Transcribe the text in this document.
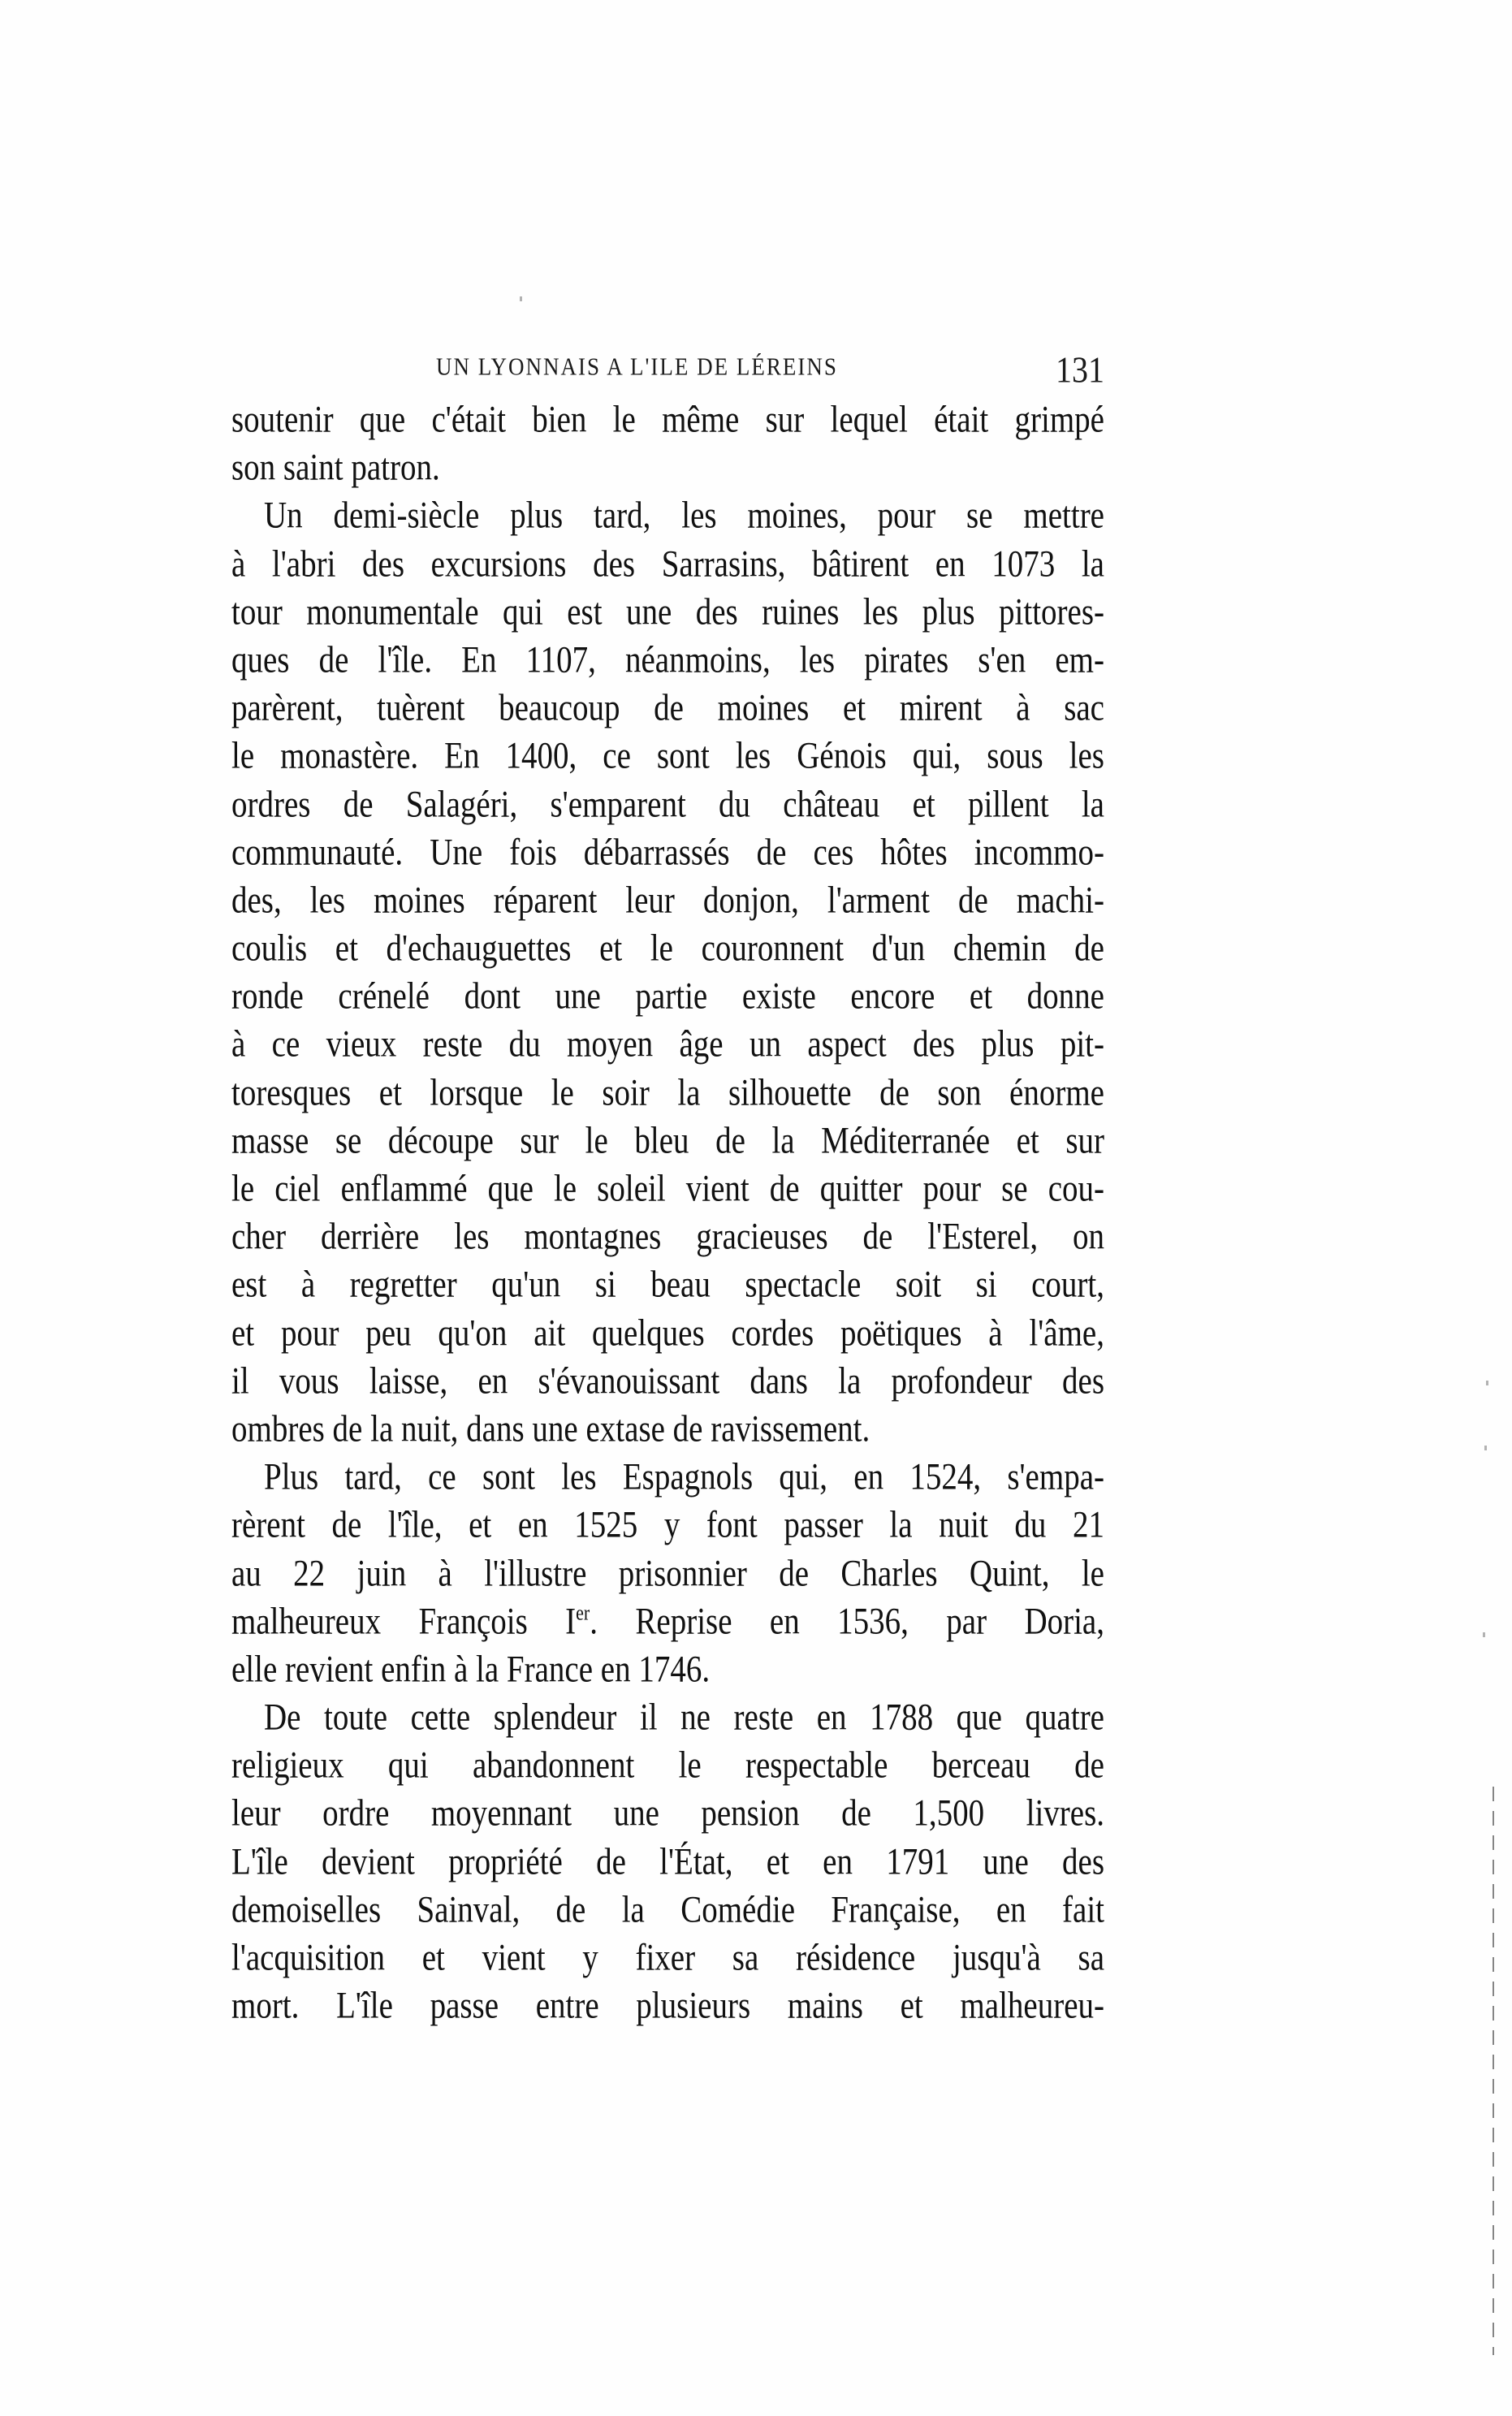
UN LYONNAIS A L'ILE DE LÉREINS	131
soutenir que c'était bien le même sur lequel était grimpé
son saint patron.
Un demi-siècle plus tard, les moines, pour se mettre
à l'abri des excursions des Sarrasins, bâtirent en 1073 la
tour monumentale qui est une des ruines les plus pittores-
ques de l'île. En 1107, néanmoins, les pirates s'en em-
parèrent, tuèrent beaucoup de moines et mirent à sac
le monastère. En 1400, ce sont les Génois qui, sous les
ordres de Salagéri, s'emparent du château et pillent la
communauté. Une fois débarrassés de ces hôtes incommo-
des, les moines réparent leur donjon, l'arment de machi-
coulis et d'echauguettes et le couronnent d'un chemin de
ronde crénelé dont une partie existe encore et donne
à ce vieux reste du moyen âge un aspect des plus pit-
toresques et lorsque le soir la silhouette de son énorme
masse se découpe sur le bleu de la Méditerranée et sur
le ciel enflammé que le soleil vient de quitter pour se cou-
cher derrière les montagnes gracieuses de l'Esterel, on
est à regretter qu'un si beau spectacle soit si court,
et pour peu qu'on ait quelques cordes poëtiques à l'âme,
il vous laisse, en s'évanouissant dans la profondeur des
ombres de la nuit, dans une extase de ravissement.
Plus tard, ce sont les Espagnols qui, en 1524, s'empa-
rèrent de l'île, et en 1525 y font passer la nuit du 21
au 22 juin à l'illustre prisonnier de Charles Quint, le
malheureux François Ier. Reprise en 1536, par Doria,
elle revient enfin à la France en 1746.
De toute cette splendeur il ne reste en 1788 que quatre
religieux qui abandonnent le respectable berceau de
leur ordre moyennant une pension de 1,500 livres.
L'île devient propriété de l'État, et en 1791 une des
demoiselles Sainval, de la Comédie Française, en fait
l'acquisition et vient y fixer sa résidence jusqu'à sa
mort. L'île passe entre plusieurs mains et malheureu-
